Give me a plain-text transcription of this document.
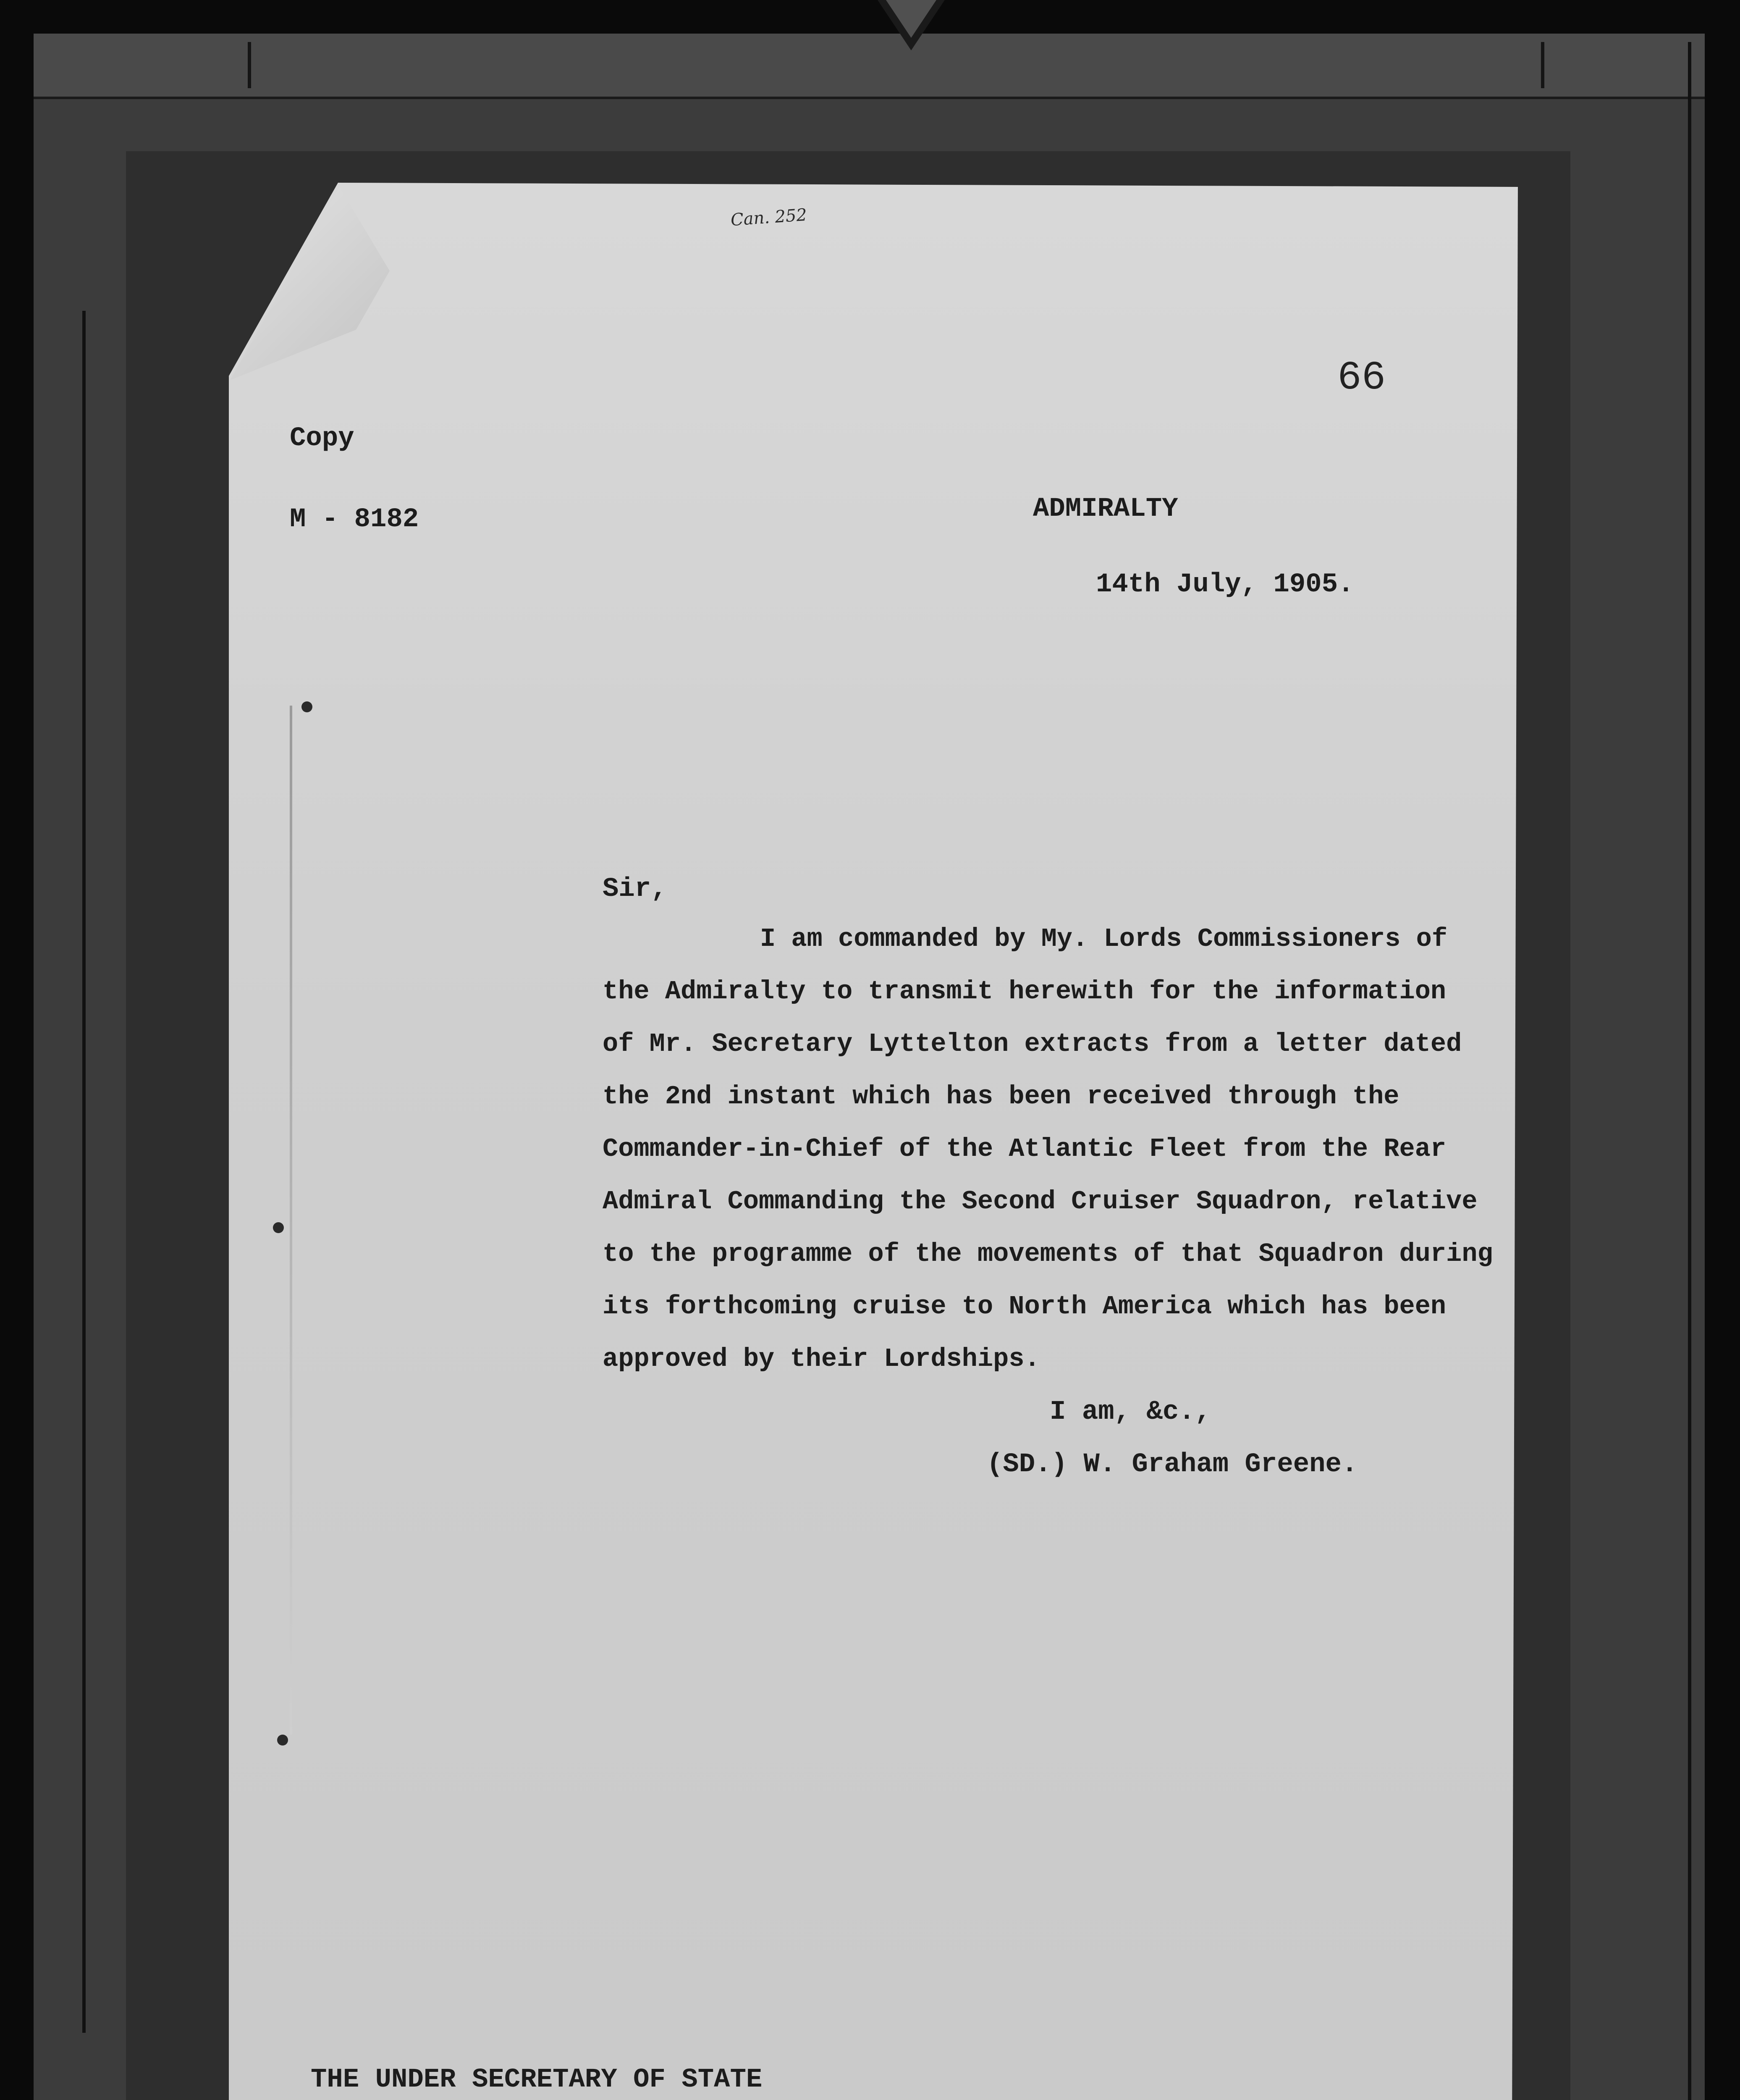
Can. 252
66
Copy
M - 8182	ADMIRALTY
14th July, 1905.
Sir,
I am commanded by My. Lords Commissioners of
the Admiralty to transmit herewith for the information
of Mr. Secretary Lyttelton extracts from a letter dated
the 2nd instant which has been received through the
Commander-in-Chief of the Atlantic Fleet from the Rear
Admiral Commanding the Second Cruiser Squadron, relative
to the programme of the movements of that Squadron during
its forthcoming cruise to North America which has been
approved by their Lordships.
I am, &c.,
(SD.) W. Graham Greene.
THE UNDER SECRETARY OF STATE
